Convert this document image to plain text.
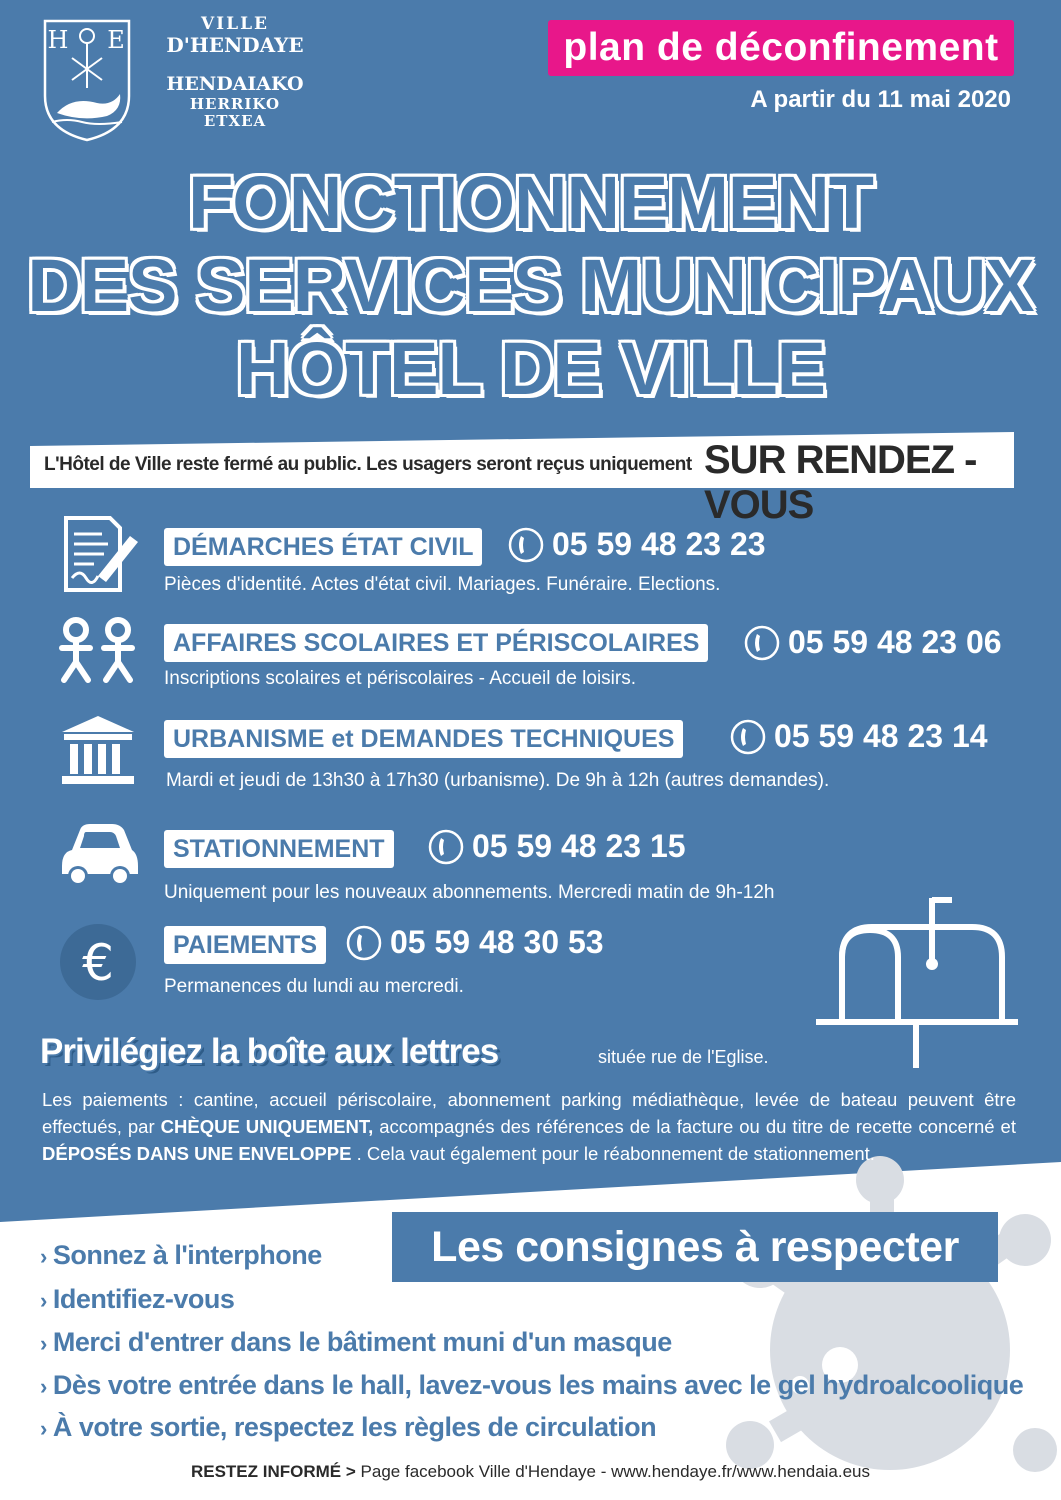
H E
VILLE
D'HENDAYE
HENDAIAKO
HERRIKO
ETXEA
plan de déconfinement
A partir du 11 mai 2020
FONCTIONNEMENT
DES SERVICES MUNICIPAUX
HÔTEL DE VILLE
L'Hôtel de Ville reste fermé au public. Les usagers seront reçus uniquement SUR RENDEZ -VOUS
DÉMARCHES ÉTAT CIVIL 05 59 48 23 23
Pièces d'identité. Actes d'état civil. Mariages. Funéraire. Elections.
AFFAIRES SCOLAIRES ET PÉRISCOLAIRES	05 59 48 23 06
Inscriptions scolaires et périscolaires - Accueil de loisirs.
URBANISME et DEMANDES TECHNIQUES	05 59 48 23 14
Mardi et jeudi de 13h30 à 17h30 (urbanisme). De 9h à 12h (autres demandes).
STATIONNEMENT	05 59 48 23 15
Uniquement pour les nouveaux abonnements. Mercredi matin de 9h-12h
€	PAIEMENTS 05 59 48 30 53
Permanences du lundi au mercredi.
Privilégiez la boîte aux lettres	située rue de l'Eglise.
Les paiements : cantine, accueil périscolaire, abonnement parking médiathèque, levée de bateau peuvent être effectués, par CHÈQUE UNIQUEMENT, accompagnés des références de la facture ou du titre de recette concerné et DÉPOSÉS DANS UNE ENVELOPPE . Cela vaut également pour le réabonnement de stationnement.
Les consignes à respecter
› Sonnez à l'interphone
› Identifiez-vous
› Merci d'entrer dans le bâtiment muni d'un masque
› Dès votre entrée dans le hall, lavez-vous les mains avec le gel hydroalcoolique
› À votre sortie, respectez les règles de circulation
RESTEZ INFORMÉ > Page facebook Ville d'Hendaye - www.hendaye.fr/www.hendaia.eus
